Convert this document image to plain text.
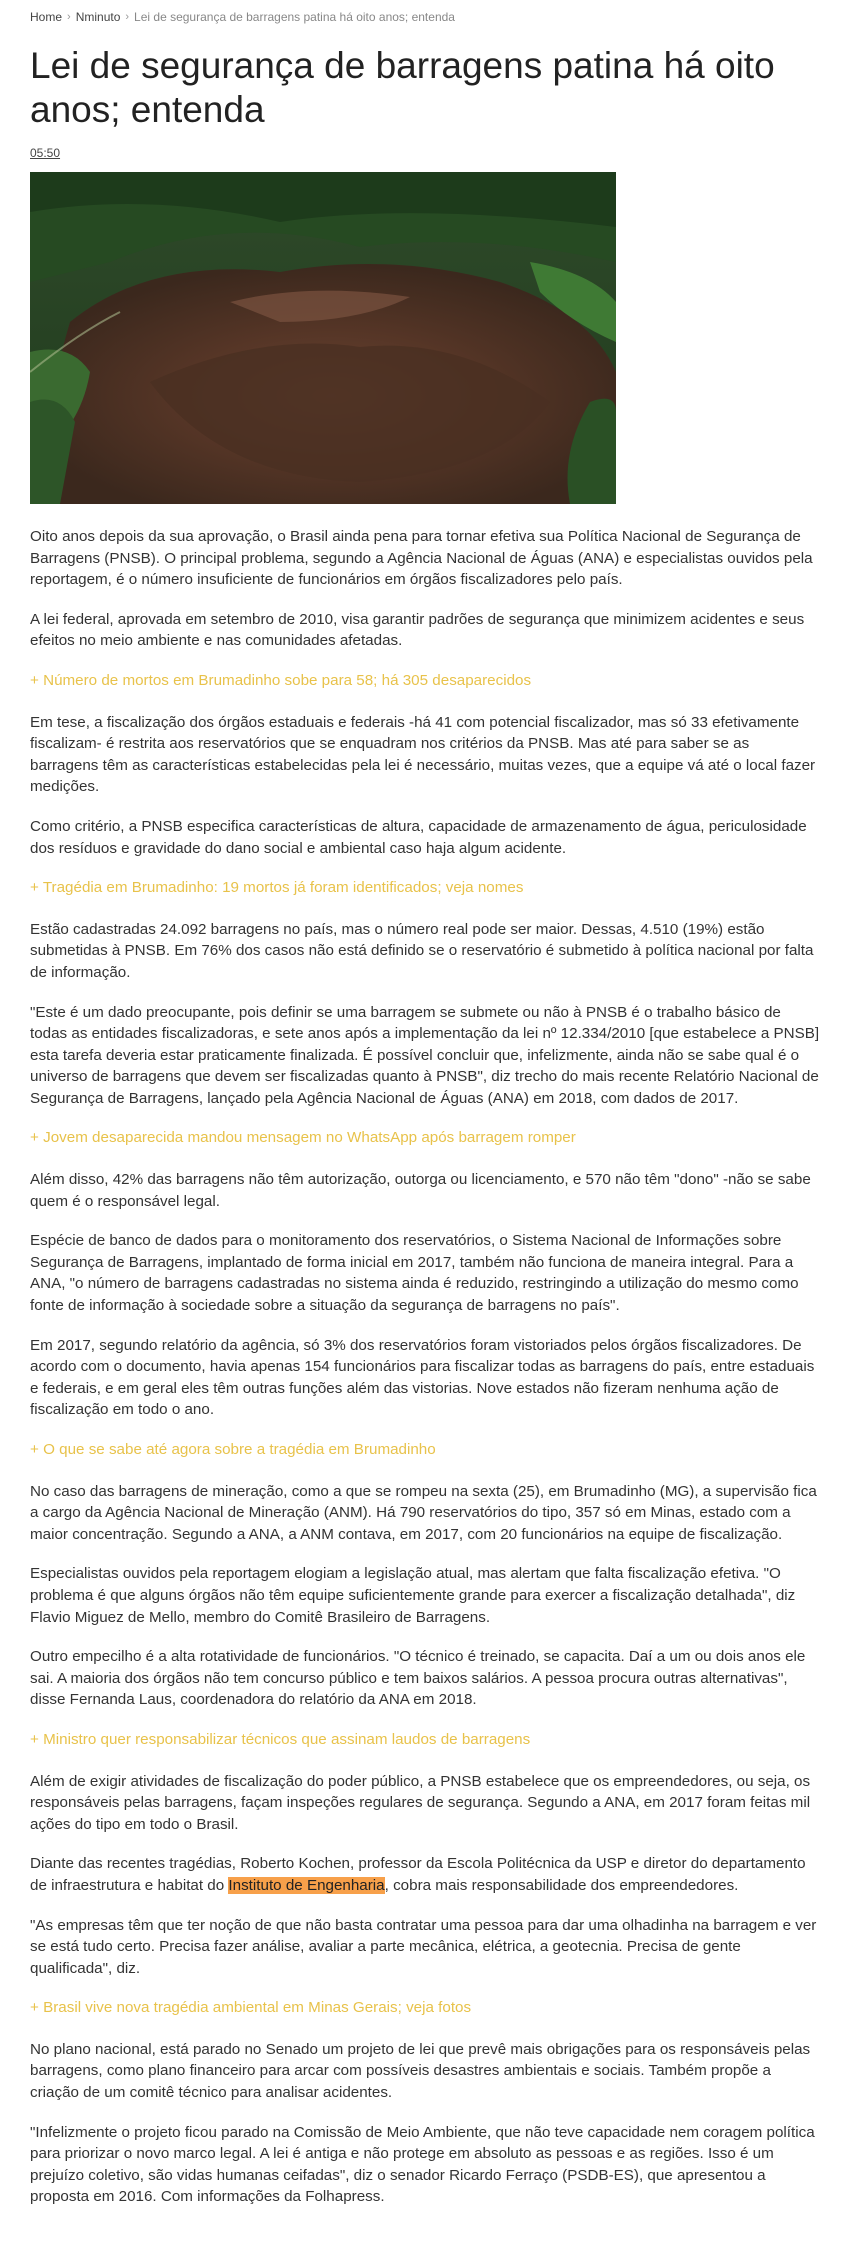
Home › Nminuto › Lei de segurança de barragens patina há oito anos; entenda
Lei de segurança de barragens patina há oito anos; entenda
05:50

Oito anos depois da sua aprovação, o Brasil ainda pena para tornar efetiva sua Política Nacional de Segurança de Barragens (PNSB). O principal problema, segundo a Agência Nacional de Águas (ANA) e especialistas ouvidos pela reportagem, é o número insuficiente de funcionários em órgãos fiscalizadores pelo país.

A lei federal, aprovada em setembro de 2010, visa garantir padrões de segurança que minimizem acidentes e seus efeitos no meio ambiente e nas comunidades afetadas.

+ Número de mortos em Brumadinho sobe para 58; há 305 desaparecidos

Em tese, a fiscalização dos órgãos estaduais e federais -há 41 com potencial fiscalizador, mas só 33 efetivamente fiscalizam- é restrita aos reservatórios que se enquadram nos critérios da PNSB. Mas até para saber se as barragens têm as características estabelecidas pela lei é necessário, muitas vezes, que a equipe vá até o local fazer medições.

Como critério, a PNSB especifica características de altura, capacidade de armazenamento de água, periculosidade dos resíduos e gravidade do dano social e ambiental caso haja algum acidente.

+ Tragédia em Brumadinho: 19 mortos já foram identificados; veja nomes

Estão cadastradas 24.092 barragens no país, mas o número real pode ser maior. Dessas, 4.510 (19%) estão submetidas à PNSB. Em 76% dos casos não está definido se o reservatório é submetido à política nacional por falta de informação.

"Este é um dado preocupante, pois definir se uma barragem se submete ou não à PNSB é o trabalho básico de todas as entidades fiscalizadoras, e sete anos após a implementação da lei nº 12.334/2010 [que estabelece a PNSB] esta tarefa deveria estar praticamente finalizada. É possível concluir que, infelizmente, ainda não se sabe qual é o universo de barragens que devem ser fiscalizadas quanto à PNSB", diz trecho do mais recente Relatório Nacional de Segurança de Barragens, lançado pela Agência Nacional de Águas (ANA) em 2018, com dados de 2017.

+ Jovem desaparecida mandou mensagem no WhatsApp após barragem romper

Além disso, 42% das barragens não têm autorização, outorga ou licenciamento, e 570 não têm "dono" -não se sabe quem é o responsável legal.

Espécie de banco de dados para o monitoramento dos reservatórios, o Sistema Nacional de Informações sobre Segurança de Barragens, implantado de forma inicial em 2017, também não funciona de maneira integral. Para a ANA, "o número de barragens cadastradas no sistema ainda é reduzido, restringindo a utilização do mesmo como fonte de informação à sociedade sobre a situação da segurança de barragens no país".

Em 2017, segundo relatório da agência, só 3% dos reservatórios foram vistoriados pelos órgãos fiscalizadores. De acordo com o documento, havia apenas 154 funcionários para fiscalizar todas as barragens do país, entre estaduais e federais, e em geral eles têm outras funções além das vistorias. Nove estados não fizeram nenhuma ação de fiscalização em todo o ano.

+ O que se sabe até agora sobre a tragédia em Brumadinho

No caso das barragens de mineração, como a que se rompeu na sexta (25), em Brumadinho (MG), a supervisão fica a cargo da Agência Nacional de Mineração (ANM). Há 790 reservatórios do tipo, 357 só em Minas, estado com a maior concentração. Segundo a ANA, a ANM contava, em 2017, com 20 funcionários na equipe de fiscalização.

Especialistas ouvidos pela reportagem elogiam a legislação atual, mas alertam que falta fiscalização efetiva. "O problema é que alguns órgãos não têm equipe suficientemente grande para exercer a fiscalização detalhada", diz Flavio Miguez de Mello, membro do Comitê Brasileiro de Barragens.

Outro empecilho é a alta rotatividade de funcionários. "O técnico é treinado, se capacita. Daí a um ou dois anos ele sai. A maioria dos órgãos não tem concurso público e tem baixos salários. A pessoa procura outras alternativas", disse Fernanda Laus, coordenadora do relatório da ANA em 2018.

+ Ministro quer responsabilizar técnicos que assinam laudos de barragens

Além de exigir atividades de fiscalização do poder público, a PNSB estabelece que os empreendedores, ou seja, os responsáveis pelas barragens, façam inspeções regulares de segurança. Segundo a ANA, em 2017 foram feitas mil ações do tipo em todo o Brasil.

Diante das recentes tragédias, Roberto Kochen, professor da Escola Politécnica da USP e diretor do departamento de infraestrutura e habitat do Instituto de Engenharia, cobra mais responsabilidade dos empreendedores.

"As empresas têm que ter noção de que não basta contratar uma pessoa para dar uma olhadinha na barragem e ver se está tudo certo. Precisa fazer análise, avaliar a parte mecânica, elétrica, a geotecnia. Precisa de gente qualificada", diz.

+ Brasil vive nova tragédia ambiental em Minas Gerais; veja fotos

No plano nacional, está parado no Senado um projeto de lei que prevê mais obrigações para os responsáveis pelas barragens, como plano financeiro para arcar com possíveis desastres ambientais e sociais. Também propõe a criação de um comitê técnico para analisar acidentes.

"Infelizmente o projeto ficou parado na Comissão de Meio Ambiente, que não teve capacidade nem coragem política para priorizar o novo marco legal. A lei é antiga e não protege em absoluto as pessoas e as regiões. Isso é um prejuízo coletivo, são vidas humanas ceifadas", diz o senador Ricardo Ferraço (PSDB-ES), que apresentou a proposta em 2016. Com informações da Folhapress.
